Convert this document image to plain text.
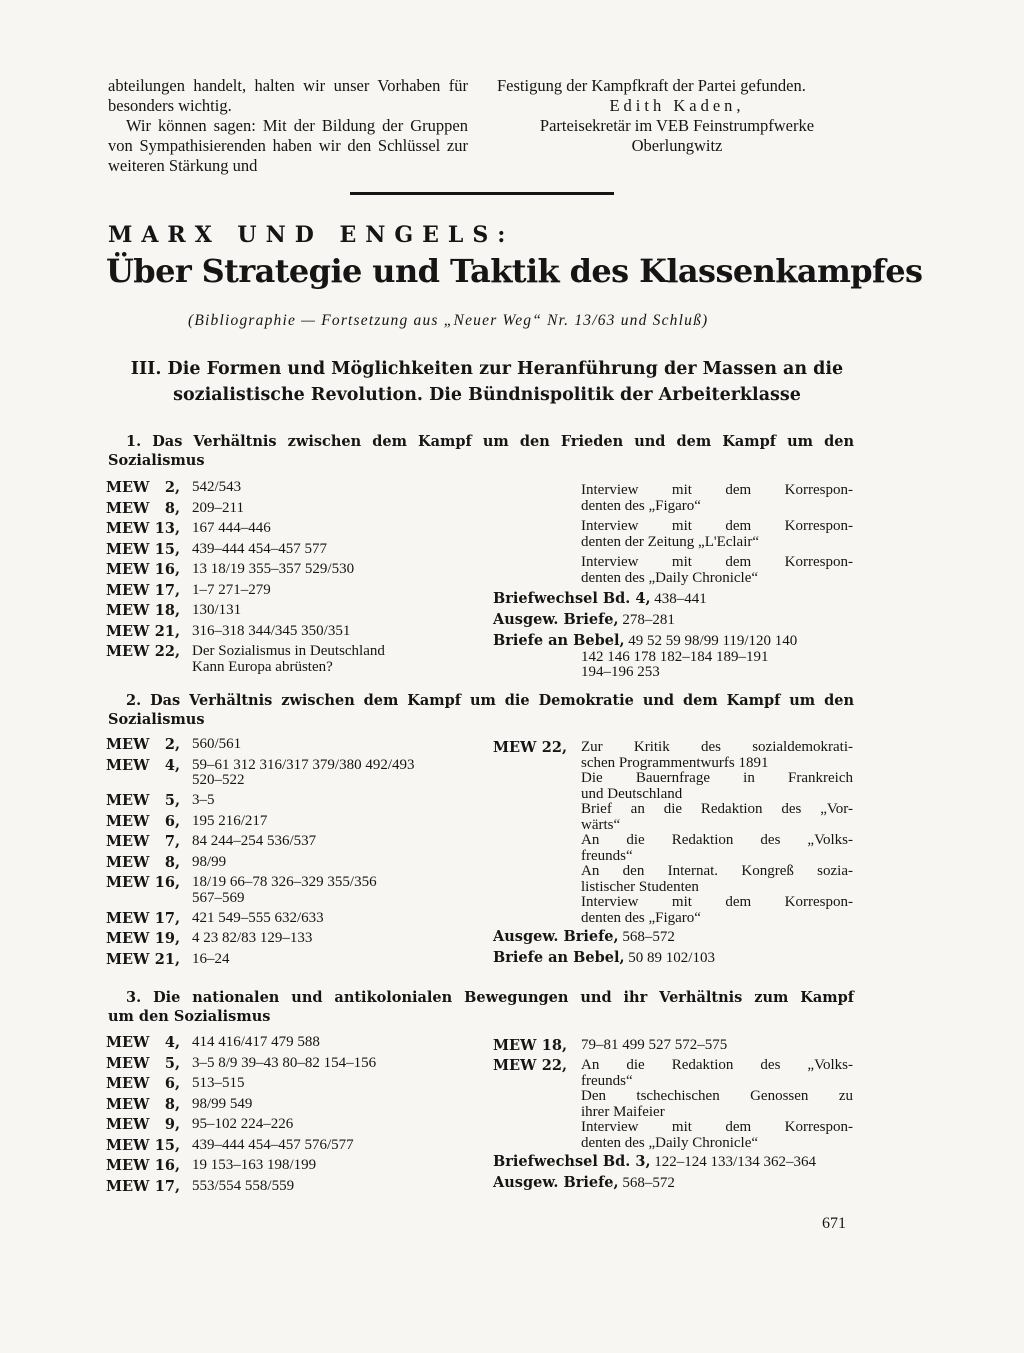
abteilungen handelt, halten wir unser Vorhaben für besonders wichtig.

Wir können sagen: Mit der Bildung der Gruppen von Sympathisierenden haben wir den Schlüssel zur weiteren Stärkung und

Festigung der Kampfkraft der Partei gefunden.

Edith Kaden,

Parteisekretär im VEB Feinstrumpfwerke

Oberlungwitz

MARX UND ENGELS:
Über Strategie und Taktik des Klassenkampfes
(Bibliographie — Fortsetzung aus „Neuer Weg“ Nr. 13/63 und Schluß)
III. Die Formen und Möglichkeiten zur Heranführung der Massen an die
sozialistische Revolution. Die Bündnispolitik der Arbeiterklasse
1. Das Verhältnis zwischen dem Kampf um den Frieden und dem Kampf um den
Sozialismus
MEW	2, 542/543
MEW	8, 209–211
MEW 13, 167 444–446
MEW 15, 439–444 454–457 577
MEW 16, 13 18/19 355–357 529/530
MEW 17, 1–7 271–279
MEW 18, 130/131
MEW 21, 316–318 344/345 350/351
MEW 22, Der Sozialismus in Deutschland
Kann Europa abrüsten?
Interview mit dem Korrespon-
denten des „Figaro“
Interview mit dem Korrespon-
denten der Zeitung „L'Eclair“
Interview mit dem Korrespon-
denten des „Daily Chronicle“
Briefwechsel Bd. 4, 438–441
Ausgew. Briefe, 278–281
Briefe an Bebel, 49 52 59 98/99 119/120 140
142 146 178 182–184 189–191
194–196 253
2. Das Verhältnis zwischen dem Kampf um die Demokratie und dem Kampf um den
Sozialismus
MEW	2, 560/561
MEW	4, 59–61 312 316/317 379/380 492/493
520–522
MEW	5, 3–5
MEW	6, 195 216/217
MEW	7, 84 244–254 536/537
MEW	8, 98/99
MEW 16, 18/19 66–78 326–329 355/356
567–569
MEW 17, 421 549–555 632/633
MEW 19, 4 23 82/83 129–133
MEW 21, 16–24
MEW 22, Zur Kritik des sozialdemokrati-
schen Programmentwurfs 1891
Die Bauernfrage in Frankreich
und Deutschland
Brief an die Redaktion des „Vor-
wärts“
An die Redaktion des „Volks-
freunds“
An den Internat. Kongreß sozia-
listischer Studenten
Interview mit dem Korrespon-
denten des „Figaro“
Ausgew. Briefe, 568–572
Briefe an Bebel, 50 89 102/103
3. Die nationalen und antikolonialen Bewegungen und ihr Verhältnis zum Kampf
um den Sozialismus
MEW	4, 414 416/417 479 588
MEW	5, 3–5 8/9 39–43 80–82 154–156
MEW	6, 513–515
MEW	8, 98/99 549
MEW	9, 95–102 224–226
MEW 15, 439–444 454–457 576/577
MEW 16, 19 153–163 198/199
MEW 17, 553/554 558/559
MEW 18, 79–81 499 527 572–575
MEW 22, An die Redaktion des „Volks-
freunds“
Den tschechischen Genossen zu
ihrer Maifeier
Interview mit dem Korrespon-
denten des „Daily Chronicle“
Briefwechsel Bd. 3, 122–124 133/134 362–364
Ausgew. Briefe, 568–572
671
